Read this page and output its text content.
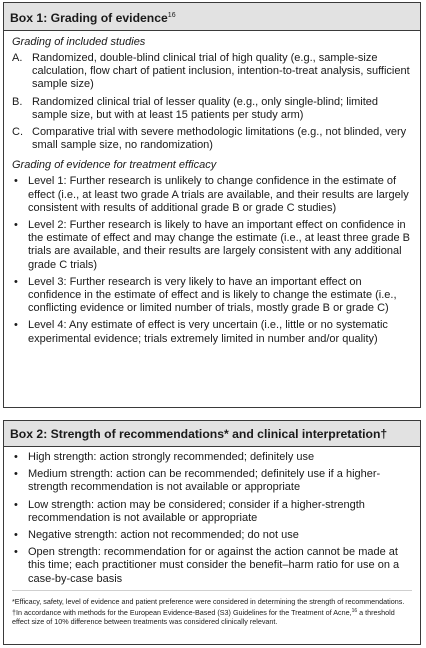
Box 1: Grading of evidence$^{16}$
Grading of included studies
A. Randomized, double-blind clinical trial of high quality (e.g., sample-size calculation, flow chart of patient inclusion, intention-to-treat analysis, sufficient sample size)
B. Randomized clinical trial of lesser quality (e.g., only single-blind; limited sample size, but with at least 15 patients per study arm)
C. Comparative trial with severe methodologic limitations (e.g., not blinded, very small sample size, no randomization)
Grading of evidence for treatment efficacy
• Level 1: Further research is unlikely to change confidence in the estimate of effect (i.e., at least two grade A trials are available, and their results are largely consistent with results of additional grade B or grade C studies)
• Level 2: Further research is likely to have an important effect on confidence in the estimate of effect and may change the estimate (i.e., at least three grade B trials are available, and their results are largely consistent with any additional grade C trials)
• Level 3: Further research is very likely to have an important effect on confidence in the estimate of effect and is likely to change the estimate (i.e., conflicting evidence or limited number of trials, mostly grade B or grade C)
• Level 4: Any estimate of effect is very uncertain (i.e., little or no systematic experimental evidence; trials extremely limited in number and/or quality)
Box 2: Strength of recommendations* and clinical interpretation†
• High strength: action strongly recommended; definitely use
• Medium strength: action can be recommended; definitely use if a higher-strength recommendation is not available or appropriate
• Low strength: action may be considered; consider if a higher-strength recommendation is not available or appropriate
• Negative strength: action not recommended; do not use
• Open strength: recommendation for or against the action cannot be made at this time; each practitioner must consider the benefit–harm ratio for use on a case-by-case basis

*Efficacy, safety, level of evidence and patient preference were considered in determining the strength of recommendations.

†In accordance with methods for the European Evidence-Based (S3) Guidelines for the Treatment of Acne,$^{16}$ a threshold effect size of 10% difference between treatments was considered clinically relevant.
